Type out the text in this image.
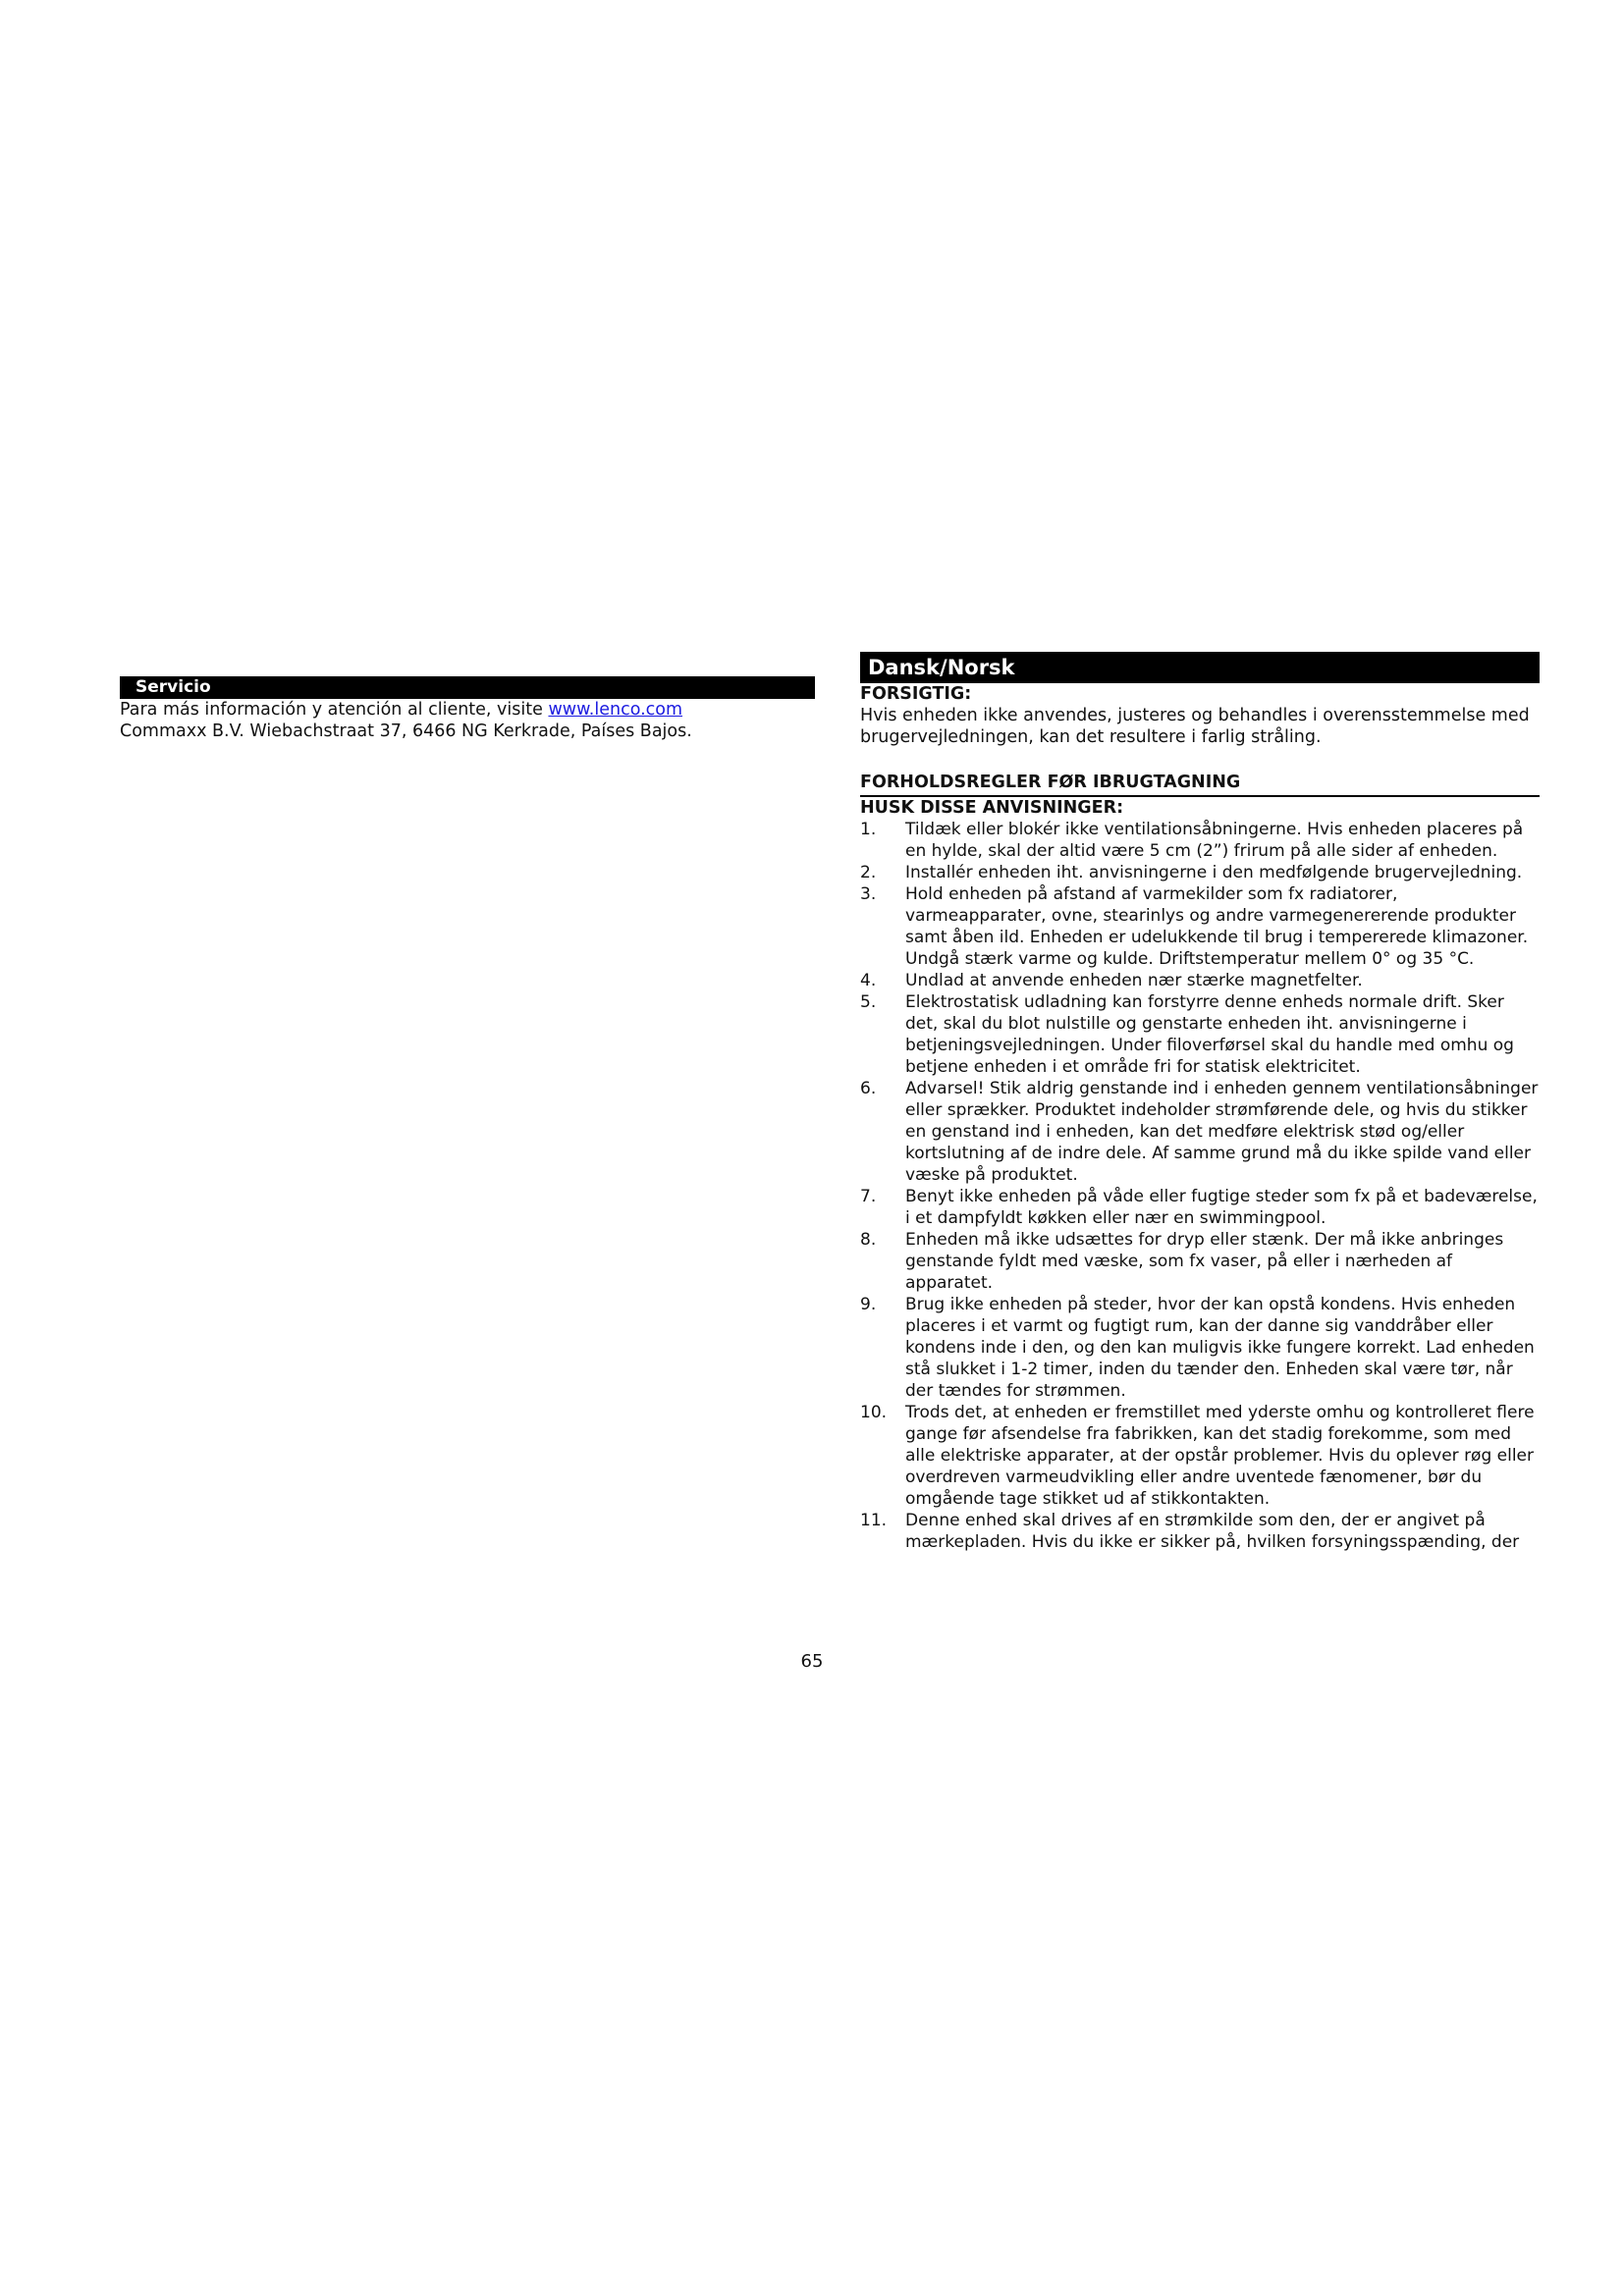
Servicio
Para más información y atención al cliente, visite www.lenco.com
Commaxx B.V. Wiebachstraat 37, 6466 NG Kerkrade, Países Bajos.
Dansk/Norsk
FORSIGTIG:
Hvis enheden ikke anvendes, justeres og behandles i overensstemmelse med brugervejledningen, kan det resultere i farlig stråling.
FORHOLDSREGLER FØR IBRUGTAGNING
HUSK DISSE ANVISNINGER:
1. Tildæk eller blokér ikke ventilationsåbningerne. Hvis enheden placeres på en hylde, skal der altid være 5 cm (2”) frirum på alle sider af enheden.
2. Installér enheden iht. anvisningerne i den medfølgende brugervejledning.
3. Hold enheden på afstand af varmekilder som fx radiatorer, varmeapparater, ovne, stearinlys og andre varmegenererende produkter samt åben ild. Enheden er udelukkende til brug i tempererede klimazoner. Undgå stærk varme og kulde. Driftstemperatur mellem 0° og 35 °C.
4. Undlad at anvende enheden nær stærke magnetfelter.
5. Elektrostatisk udladning kan forstyrre denne enheds normale drift. Sker det, skal du blot nulstille og genstarte enheden iht. anvisningerne i betjeningsvejledningen. Under filoverførsel skal du handle med omhu og betjene enheden i et område fri for statisk elektricitet.
6. Advarsel! Stik aldrig genstande ind i enheden gennem ventilationsåbninger eller sprækker. Produktet indeholder strømførende dele, og hvis du stikker en genstand ind i enheden, kan det medføre elektrisk stød og/eller kortslutning af de indre dele. Af samme grund må du ikke spilde vand eller væske på produktet.
7. Benyt ikke enheden på våde eller fugtige steder som fx på et badeværelse, i et dampfyldt køkken eller nær en swimmingpool.
8. Enheden må ikke udsættes for dryp eller stænk. Der må ikke anbringes genstande fyldt med væske, som fx vaser, på eller i nærheden af apparatet.
9. Brug ikke enheden på steder, hvor der kan opstå kondens. Hvis enheden placeres i et varmt og fugtigt rum, kan der danne sig vanddråber eller kondens inde i den, og den kan muligvis ikke fungere korrekt. Lad enheden stå slukket i 1-2 timer, inden du tænder den. Enheden skal være tør, når der tændes for strømmen.
10. Trods det, at enheden er fremstillet med yderste omhu og kontrolleret flere gange før afsendelse fra fabrikken, kan det stadig forekomme, som med alle elektriske apparater, at der opstår problemer. Hvis du oplever røg eller overdreven varmeudvikling eller andre uventede fænomener, bør du omgående tage stikket ud af stikkontakten.
11. Denne enhed skal drives af en strømkilde som den, der er angivet på mærkepladen. Hvis du ikke er sikker på, hvilken forsyningsspænding, der
65
